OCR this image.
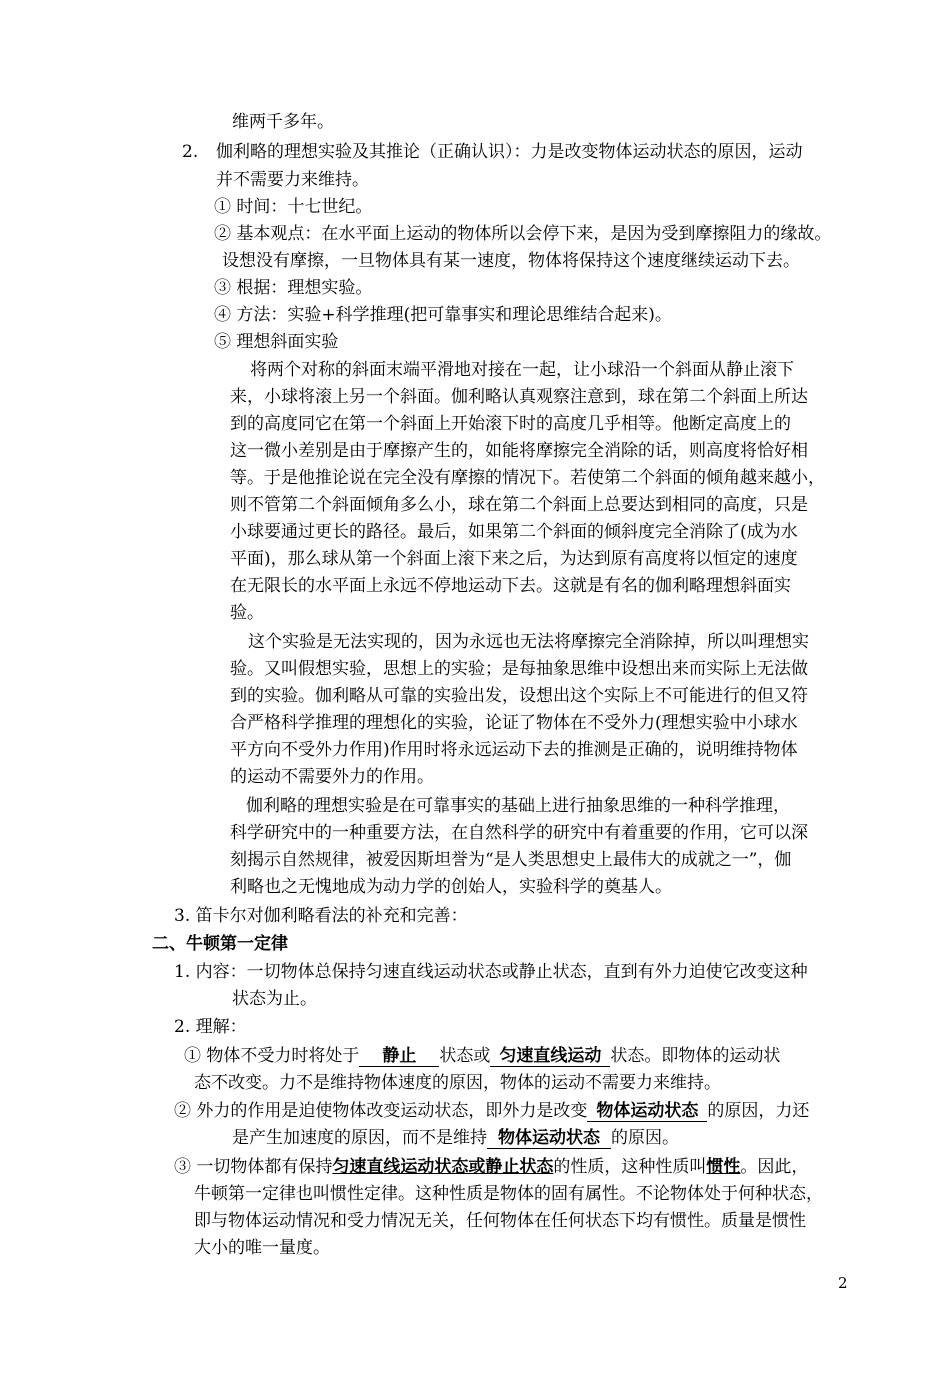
维两千多年。
2. 伽利略的理想实验及其推论（正确认识）：力是改变物体运动状态的原因，运动
并不需要力来维持。
① 时间：十七世纪。
② 基本观点：在水平面上运动的物体所以会停下来，是因为受到摩擦阻力的缘故。
设想没有摩擦，一旦物体具有某一速度，物体将保持这个速度继续运动下去。
③ 根据：理想实验。
④ 方法：实验+科学推理(把可靠事实和理论思维结合起来)。
⑤ 理想斜面实验
将两个对称的斜面末端平滑地对接在一起，让小球沿一个斜面从静止滚下
来，小球将滚上另一个斜面。伽利略认真观察注意到，球在第二个斜面上所达
到的高度同它在第一个斜面上开始滚下时的高度几乎相等。他断定高度上的
这一微小差别是由于摩擦产生的，如能将摩擦完全消除的话，则高度将恰好相
等。于是他推论说在完全没有摩擦的情况下。若使第二个斜面的倾角越来越小，
则不管第二个斜面倾角多么小，球在第二个斜面上总要达到相同的高度，只是
小球要通过更长的路径。最后，如果第二个斜面的倾斜度完全消除了(成为水
平面)，那么球从第一个斜面上滚下来之后，为达到原有高度将以恒定的速度
在无限长的水平面上永远不停地运动下去。这就是有名的伽利略理想斜面实
验。
这个实验是无法实现的，因为永远也无法将摩擦完全消除掉，所以叫理想实
验。又叫假想实验，思想上的实验；是每抽象思维中设想出来而实际上无法做
到的实验。伽利略从可靠的实验出发，设想出这个实际上不可能进行的但又符
合严格科学推理的理想化的实验，论证了物体在不受外力(理想实验中小球水
平方向不受外力作用)作用时将永远运动下去的推测是正确的，说明维持物体
的运动不需要外力的作用。
伽利略的理想实验是在可靠事实的基础上进行抽象思维的一种科学推理，
科学研究中的一种重要方法，在自然科学的研究中有着重要的作用，它可以深
刻揭示自然规律，被爱因斯坦誉为“是人类思想史上最伟大的成就之一”，伽
利略也之无愧地成为动力学的创始人，实验科学的奠基人。
3. 笛卡尔对伽利略看法的补充和完善：
二、牛顿第一定律
1. 内容：一切物体总保持匀速直线运动状态或静止状态，直到有外力迫使它改变这种
状态为止。
2. 理解：
① 物体不受力时将处于 静止 状态或 匀速直线运动 状态。即物体的运动状
态不改变。力不是维持物体速度的原因，物体的运动不需要力来维持。
② 外力的作用是迫使物体改变运动状态，即外力是改变 物体运动状态 的原因，力还
是产生加速度的原因，而不是维持 物体运动状态 的原因。
③ 一切物体都有保持匀速直线运动状态或静止状态的性质，这种性质叫惯性。因此，
牛顿第一定律也叫惯性定律。这种性质是物体的固有属性。不论物体处于何种状态，
即与物体运动情况和受力情况无关，任何物体在任何状态下均有惯性。质量是惯性
大小的唯一量度。
2
